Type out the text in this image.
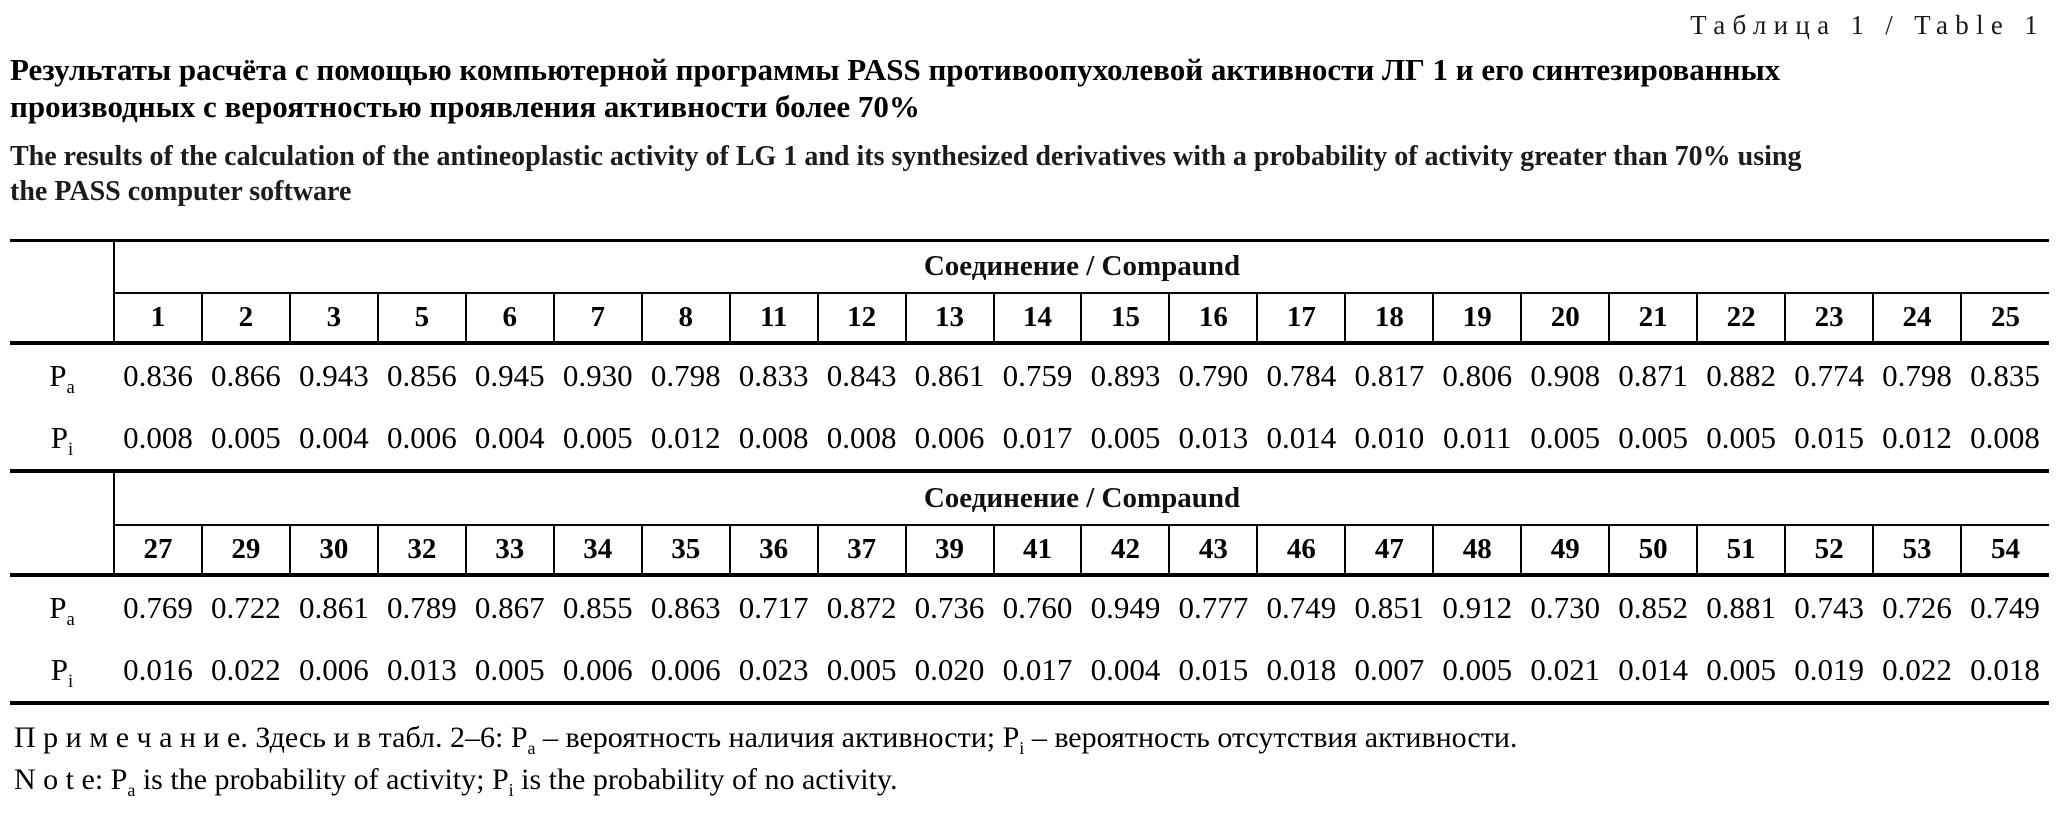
Таблица 1 / Table 1
Результаты расчёта с помощью компьютерной программы PASS противоопухолевой активности ЛГ 1 и его синтезированных
производных с вероятностью проявления активности более 70%
The results of the calculation of the antineoplastic activity of LG 1 and its synthesized derivatives with a probability of activity greater than 70% using
the PASS computer software
	Соединение / Compaund																					
	1	2	3	5	6	7	8	11	12	13	14	15	16	17	18	19	20	21	22	23	24	25
$P_a$	0.836	0.866	0.943	0.856	0.945	0.930	0.798	0.833	0.843	0.861	0.759	0.893	0.790	0.784	0.817	0.806	0.908	0.871	0.882	0.774	0.798	0.835
$P_i$	0.008	0.005	0.004	0.006	0.004	0.005	0.012	0.008	0.008	0.006	0.017	0.005	0.013	0.014	0.010	0.011	0.005	0.005	0.005	0.015	0.012	0.008
	Соединение / Compaund																					
	27	29	30	32	33	34	35	36	37	39	41	42	43	46	47	48	49	50	51	52	53	54
$P_a$	0.769	0.722	0.861	0.789	0.867	0.855	0.863	0.717	0.872	0.736	0.760	0.949	0.777	0.749	0.851	0.912	0.730	0.852	0.881	0.743	0.726	0.749
$P_i$	0.016	0.022	0.006	0.013	0.005	0.006	0.006	0.023	0.005	0.020	0.017	0.004	0.015	0.018	0.007	0.005	0.021	0.014	0.005	0.019	0.022	0.018
П р и м е ч а н и е. Здесь и в табл. 2–6: $P_a$ – вероятность наличия активности; $P_i$ – вероятность отсутствия активности.
N o t e: $P_a$ is the probability of activity; $P_i$ is the probability of no activity.
